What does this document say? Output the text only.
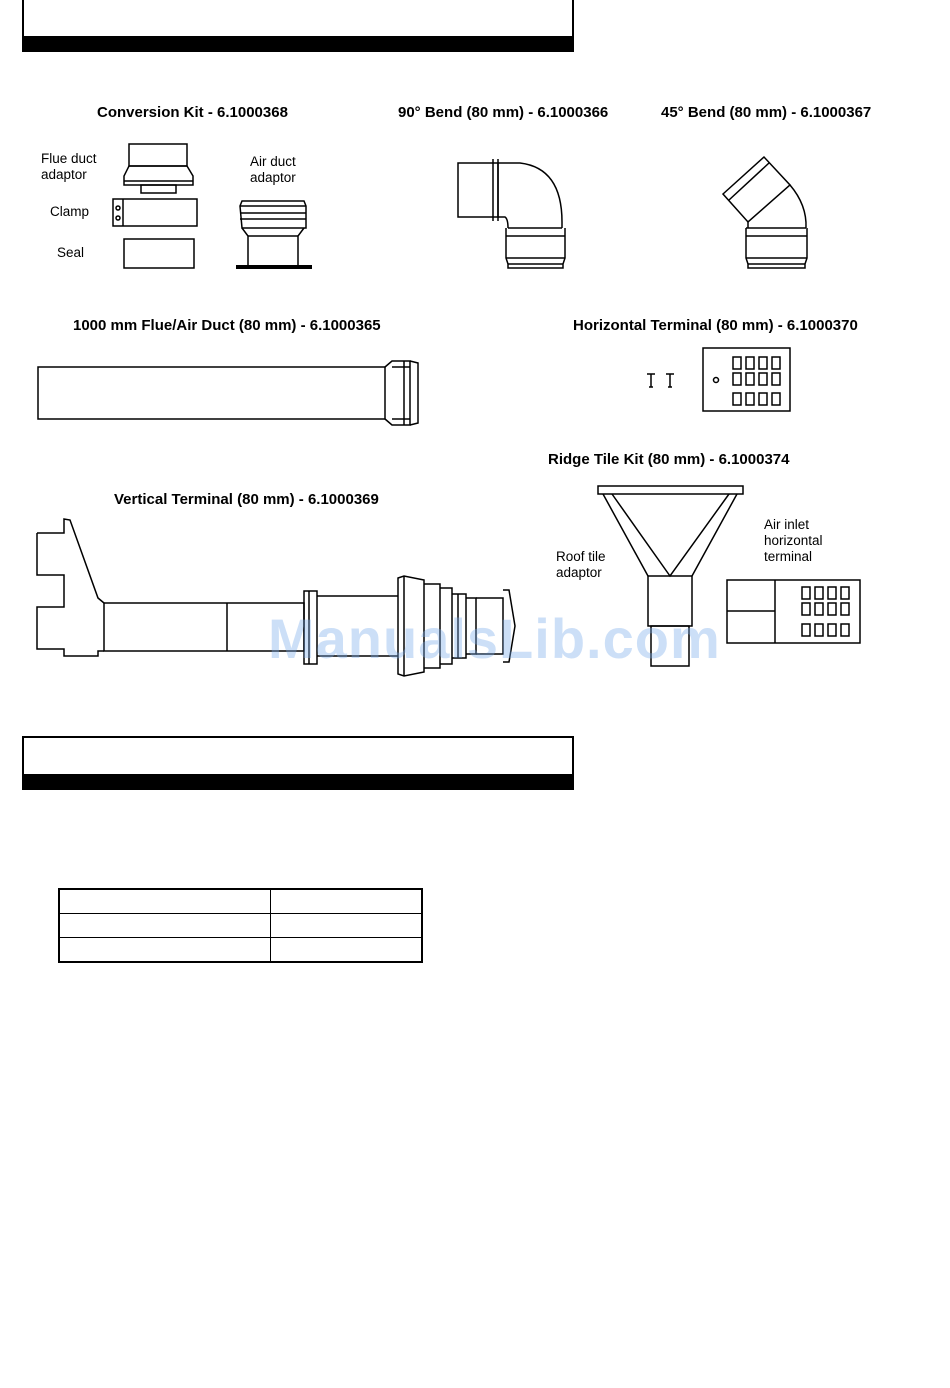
Conversion Kit - 6.1000368	90° Bend (80 mm) - 6.1000366	45° Bend (80 mm) - 6.1000367
1000 mm Flue/Air Duct (80 mm) - 6.1000365	Horizontal Terminal (80 mm) - 6.1000370
Ridge Tile Kit (80 mm) - 6.1000374
Vertical Terminal (80 mm) - 6.1000369
Flue duct
adaptor
Air duct
adaptor
Clamp
Seal
Roof tile
adaptor
Air inlet
horizontal
terminal
ManualsLib.com
